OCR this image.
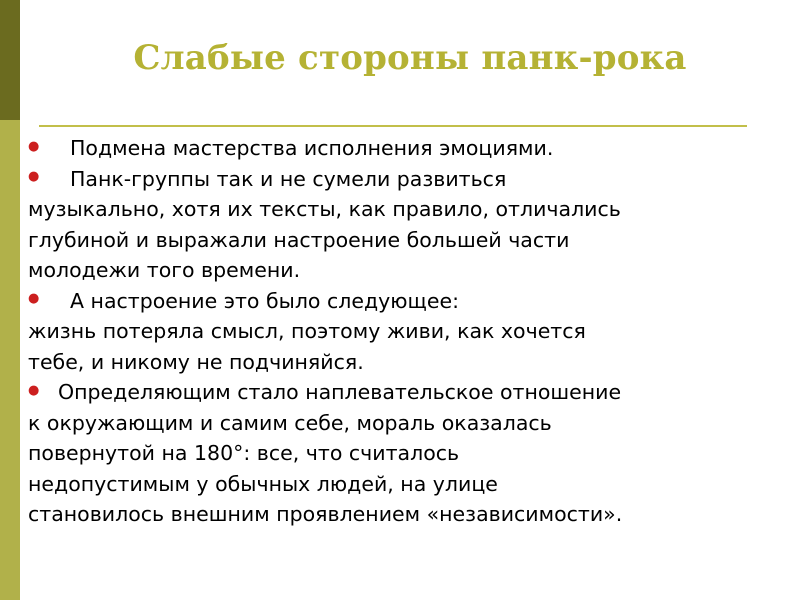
Слабые стороны панк-рока
● Подмена мастерства исполнения эмоциями.
● Панк-группы так и не сумели развиться
музыкально, хотя их тексты, как правило, отличались
глубиной и выражали настроение большей части
молодежи того времени.
● А настроение это было следующее:
жизнь потеряла смысл, поэтому живи, как хочется
тебе, и никому не подчиняйся.
● Определяющим стало наплевательское отношение
к окружающим и самим себе, мораль оказалась
повернутой на 180°: все, что считалось
недопустимым у обычных людей, на улице
становилось внешним проявлением «независимости».
